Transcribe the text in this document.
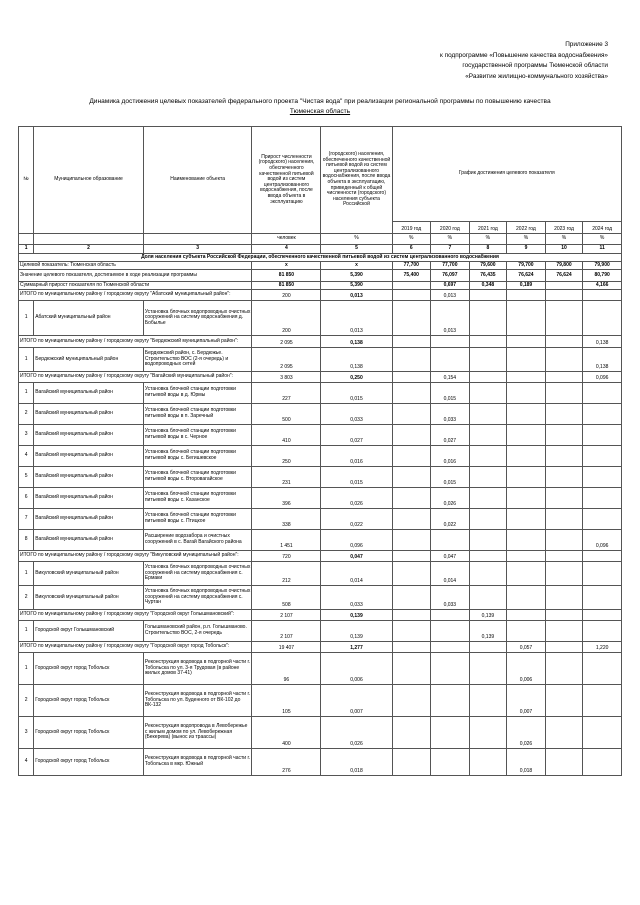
Приложение 3
к подпрограмме «Повышение качества водоснабжения»
государственной программы Тюменской области
«Развитие жилищно-коммунального хозяйства»
Динамика достижения целевых показателей федерального проекта "Чистая вода" при реализации региональной программы по повышению качества
Тюменская область
№	Муниципальное образование	Наименование объекта	Прирост численности (городского) населения, обеспеченного качественной питьевой водой из систем централизованного водоснабжения, после ввода объекта в эксплуатацию	(городского) населения, обеспеченного качественной питьевой водой из систем централизованного водоснабжения, после ввода объекта в эксплуатацию, приведенный к общей численности (городского) населения субъекта Российской	График достижения целевого показателя					
					2019 год	2020 год	2021 год	2022 год	2023 год	2024 год
			человек	%	%	%	%	%	%	%
1	2	3	4	5	6	7	8	9	10	11
Доля населения субъекта Российской Федерации, обеспеченного качественной питьевой водой из систем централизованного водоснабжения										
Целевой показатель: Тюменская область			х	х	77,700	77,700	79,600	79,700	79,800	79,900
Значение целевого показателя, достигаемое в ходе реализации программы			81 850	5,390	75,400	76,097	76,435	76,624	76,624	80,790
Суммарный прирост показателя по Тюменской области			81 850	5,390		0,697	0,348	0,189		4,166
ИТОГО по муниципальному району / городскому округу "Абатский муниципальный район":			200	0,013		0,013				
1	Абатский муниципальный район	Установка блочных водопроводных очистных сооружений на систему водоснабжения д. Бобылье	200	0,013		0,013				
ИТОГО по муниципальному району / городскому округу "Бердюжский муниципальный район":			2 095	0,138						0,138
1	Бердюжский муниципальный район	Бердюжский район, с. Бердюжье. Строительство ВОС (2-я очередь) и водопроводных сетей	2 095	0,138						0,138
ИТОГО по муниципальному району / городскому округу "Вагайский муниципальный район":			3 803	0,250		0,154				0,096
1	Вагайский муниципальный район	Установка блочной станции подготовки питьевой воды в д. Юрмы	227	0,015		0,015				
2	Вагайский муниципальный район	Установка блочной станции подготовки питьевой воды в п. Заречный	500	0,033		0,033				
3	Вагайский муниципальный район	Установка блочной станции подготовки питьевой воды в с. Черное	410	0,027		0,027				
4	Вагайский муниципальный район	Установка блочной станции подготовки питьевой воды с. Бегишевское	250	0,016		0,016				
5	Вагайский муниципальный район	Установка блочной станции подготовки питьевой воды с. Второвагайское	231	0,015		0,015				
6	Вагайский муниципальный район	Установка блочной станции подготовки питьевой воды с. Казанское	396	0,026		0,026				
7	Вагайский муниципальный район	Установка блочной станции подготовки питьевой воды с. Птицкое	338	0,022		0,022				
8	Вагайский муниципальный район	Расширение водозабора и очистных сооружений в с. Вагай Вагайского района	1 451	0,096						0,096
ИТОГО по муниципальному району / городскому округу "Викуловский муниципальный район":			720	0,047		0,047				
1	Викуловский муниципальный район	Установка блочных водопроводных очистных сооружений на систему водоснабжения с. Ермаки	212	0,014		0,014				
2	Викуловский муниципальный район	Установка блочных водопроводных очистных сооружений на систему водоснабжения с. Чуртан	508	0,033		0,033				
ИТОГО по муниципальному району / городскому округу "Городской округ Голышмановский":			2 107	0,139			0,139			
1	Городской округ Голышмановский	Голышмановский район, р.п. Голышманово. Строительство ВОС, 2-я очередь	2 107	0,139			0,139			
ИТОГО по муниципальному району / городскому округу "Городской округ город Тобольск":			19 407	1,277				0,057		1,220
1	Городской округ город Тобольск	Реконструкция водовода в подгорной части г. Тобольска по ул. 3-я Трудовая (в районе жилых домов 37-41)	96	0,006				0,006		
2	Городской округ город Тобольск	Реконструкция водовода в подгорной части г. Тобольска по ул. Буденного от ВК-102 до ВК-132	105	0,007				0,007		
3	Городской округ город Тобольск	Реконструкция водопровода в Левобережье с жилым домом по ул. Левобережная (Бекерева) (вынос из траассы)	400	0,026				0,026		
4	Городской округ город Тобольск	Реконструкция водовода в подгорной части г. Тобольска в мкр. Южный	276	0,018				0,018		
